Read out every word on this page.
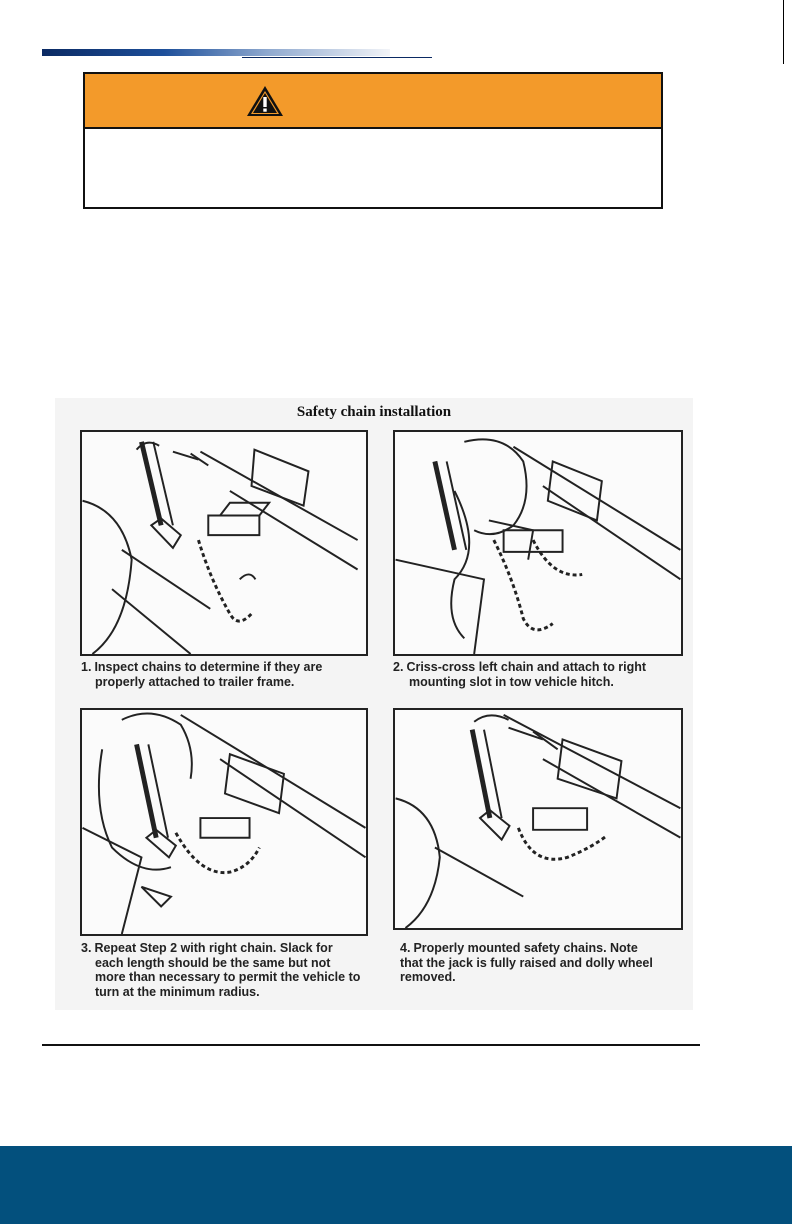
Safety chain installation
1. Inspect chains to determine if they are
properly attached to trailer frame.
2. Criss-cross left chain and attach to right
mounting slot in tow vehicle hitch.
3. Repeat Step 2 with right chain. Slack for
each length should be the same but not
more than necessary to permit the vehicle to
turn at the minimum radius.
4. Properly mounted safety chains. Note
that the jack is fully raised and dolly wheel
removed.
